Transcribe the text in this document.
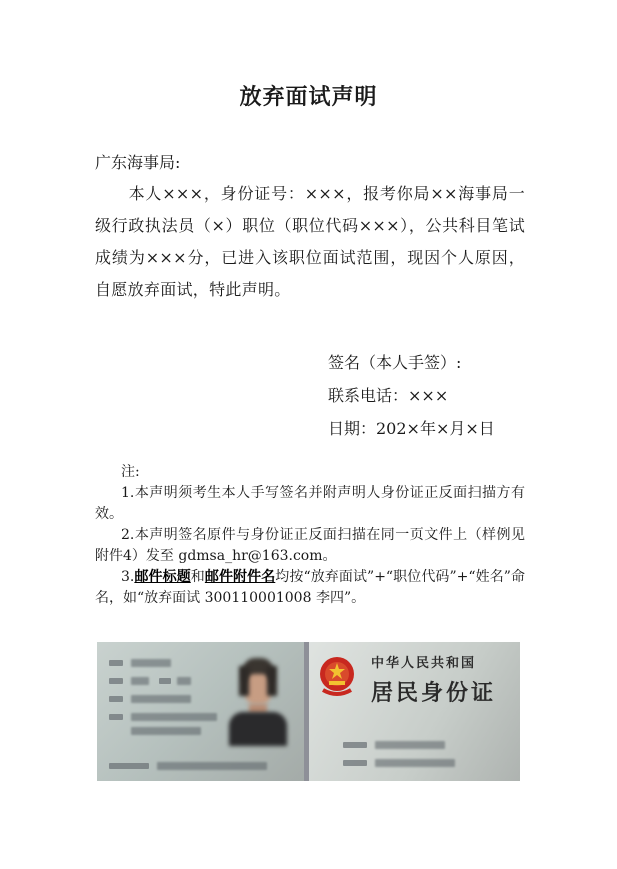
放弃面试声明
广东海事局:

　　本人×××，身份证号：×××，报考你局××海事局一级行政执法员（×）职位（职位代码×××），公共科目笔试成绩为×××分，已进入该职位面试范围，现因个人原因，自愿放弃面试，特此声明。

签名（本人手签）:
联系电话：×××
日期：202×年×月×日
注:

1.本声明须考生本人手写签名并附声明人身份证正反面扫描方有效。

2.本声明签名原件与身份证正反面扫描在同一页文件上（样例见附件4）发至 gdmsa_hr@163.com。

3.邮件标题和邮件附件名均按“放弃面试”+“职位代码”+“姓名”命名，如“放弃面试 300110001008 李四”。

中华人民共和国
居民身份证
